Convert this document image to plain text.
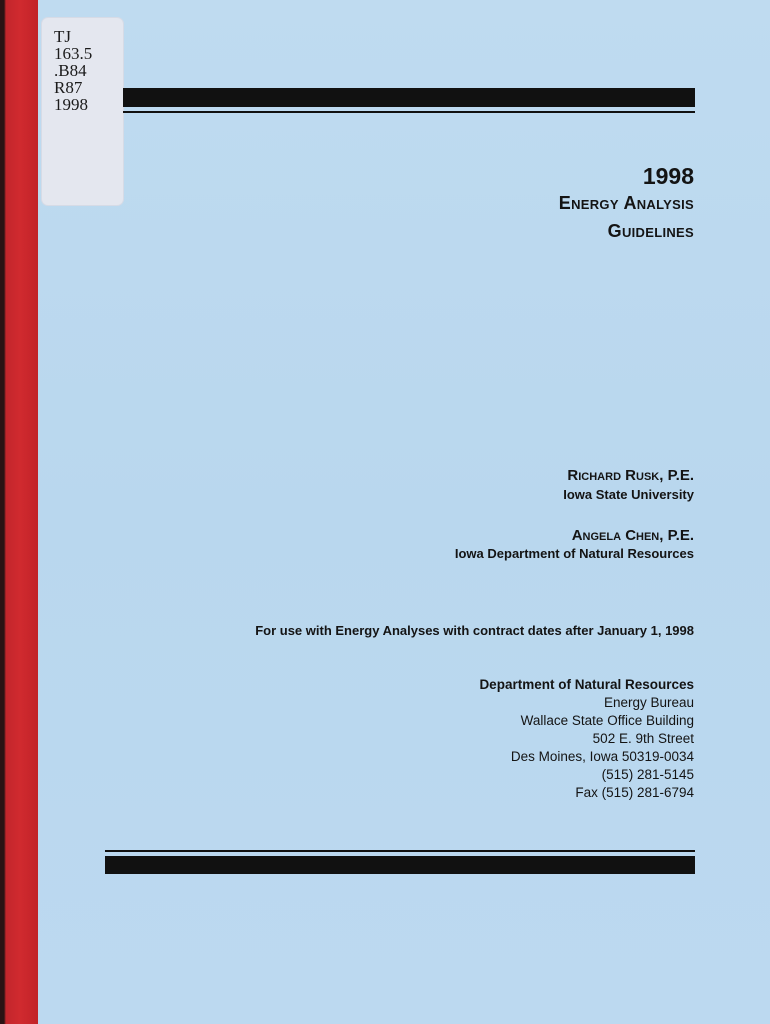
TJ
163.5
.B84
R87
1998
1998
Energy Analysis
Guidelines
Richard Rusk, P.E.
Iowa State University
Angela Chen, P.E.
Iowa Department of Natural Resources
For use with Energy Analyses with contract dates after January 1, 1998
Department of Natural Resources
Energy Bureau
Wallace State Office Building
502 E. 9th Street
Des Moines, Iowa 50319-0034
(515) 281-5145
Fax (515) 281-6794
